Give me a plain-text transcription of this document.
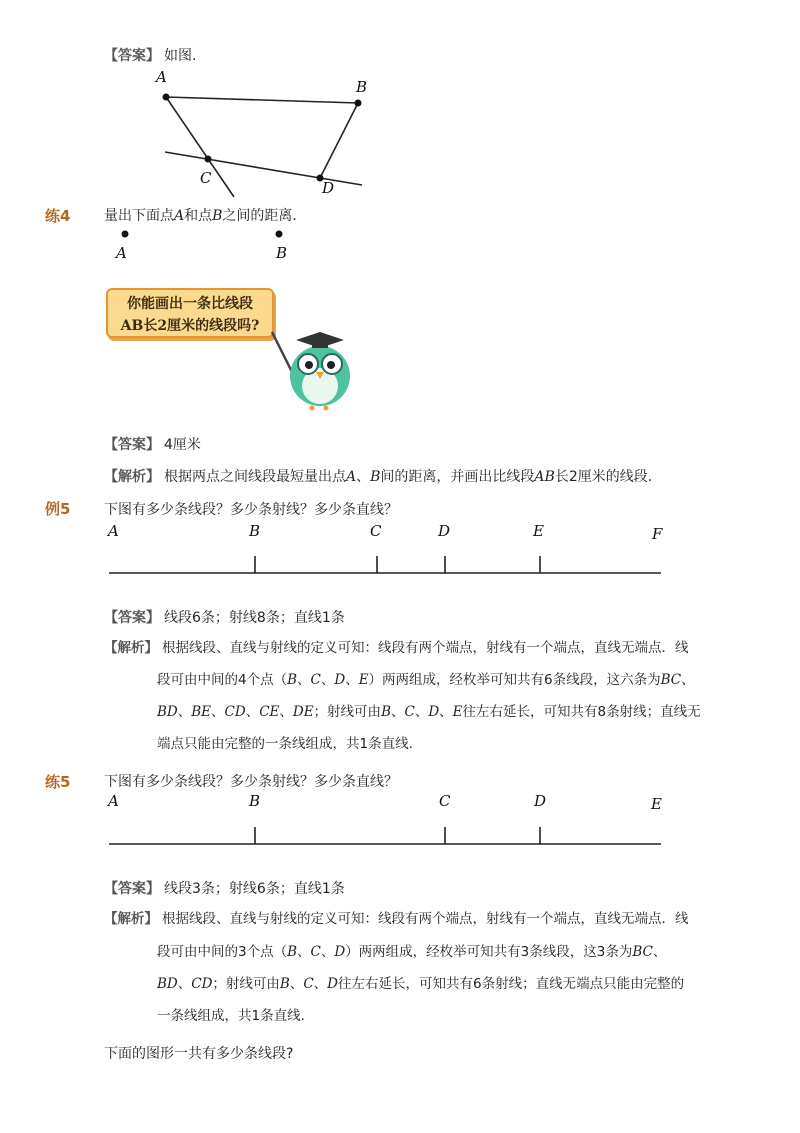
【答案】 如图.
A
B
C
D
练4 量出下面点A和点B之间的距离.
A	B
你能画出一条比线段
AB长2厘米的线段吗?
【答案】 4厘米
【解析】 根据两点之间线段最短量出点A、B间的距离，并画出比线段AB长2厘米的线段.
例5 下图有多少条线段？多少条射线？多少条直线？
A	B	C	D	E	F
【答案】 线段6条；射线8条；直线1条
【解析】 根据线段、直线与射线的定义可知：线段有两个端点，射线有一个端点，直线无端点．线
段可由中间的4个点（B、C、D、E）两两组成，经枚举可知共有6条线段，这六条为BC、
BD、BE、CD、CE、DE；射线可由B、C、D、E往左右延长，可知共有8条射线；直线无
端点只能由完整的一条线组成，共1条直线.
练5 下图有多少条线段？多少条射线？多少条直线？
A	B	C	D	E
【答案】 线段3条；射线6条；直线1条
【解析】 根据线段、直线与射线的定义可知：线段有两个端点，射线有一个端点，直线无端点．线
段可由中间的3个点（B、C、D）两两组成，经枚举可知共有3条线段，这3条为BC、
BD、CD；射线可由B、C、D往左右延长，可知共有6条射线；直线无端点只能由完整的
一条线组成，共1条直线.
下面的图形一共有多少条线段?
